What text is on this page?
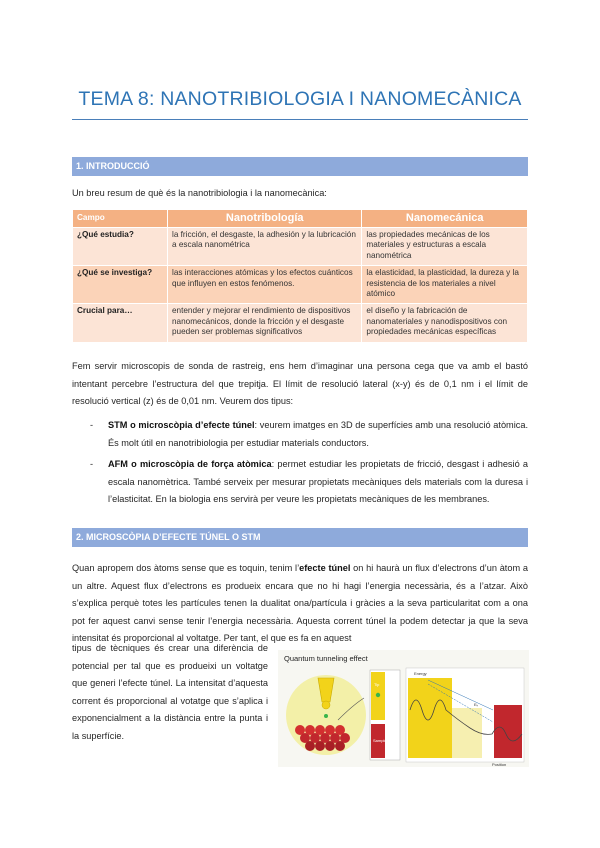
TEMA 8: NANOTRIBIOLOGIA I NANOMECÀNICA
1. INTRODUCCIÓ
Un breu resum de què és la nanotribiologia i la nanomecànica:
Campo	Nanotribología	Nanomecánica
¿Qué estudia?	la fricción, el desgaste, la adhesión y la lubricación a escala nanométrica	las propiedades mecánicas de los materiales y estructuras a escala nanométrica
¿Qué se investiga?	las interacciones atómicas y los efectos cuánticos que influyen en estos fenómenos.	la elasticidad, la plasticidad, la dureza y la resistencia de los materiales a nivel atómico
Crucial para…	entender y mejorar el rendimiento de dispositivos nanomecánicos, donde la fricción y el desgaste pueden ser problemas significativos	el diseño y la fabricación de nanomateriales y nanodispositivos con propiedades mecánicas específicas
Fem servir microscopis de sonda de rastreig, ens hem d’imaginar una persona cega que va amb el bastó intentant percebre l’estructura del que trepitja. El límit de resolució lateral (x-y) és de 0,1 nm i el límit de resolució vertical (z) és de 0,01 nm. Veurem dos tipus:
- STM o microscòpia d’efecte túnel: veurem imatges en 3D de superfícies amb una resolució atòmica. És molt útil en nanotribiologia per estudiar materials conductors.
- AFM o microscòpia de força atòmica: permet estudiar les propietats de fricció, desgast i adhesió a escala nanomètrica. També serveix per mesurar propietats mecàniques dels materials com la duresa i l’elasticitat. En la biologia ens servirà per veure les propietats mecàniques de les membranes.
2. MICROSCÒPIA D’EFECTE TÚNEL O STM
Quan apropem dos àtoms sense que es toquin, tenim l’efecte túnel on hi haurà un flux d’electrons d’un àtom a un altre. Aquest flux d’electrons es produeix encara que no hi hagi l’energia necessària, és a l’atzar. Això s’explica perquè totes les partícules tenen la dualitat ona/partícula i gràcies a la seva particularitat com a ona pot fer aquest canvi sense tenir l’energia necessària. Aquesta corrent túnel la podem detectar ja que la seva intensitat és proporcional al voltatge. Per tant, el que es fa en aquest
tipus de tècniques és crear una diferència de potencial per tal que es produeixi un voltatge que generi l’efecte túnel. La intensitat d’aquesta corrent és proporcional al votatge que s’aplica i exponencialment a la distància entre la punta i la superfície.
Quantum tunneling effect
Tip
Sample
Energy
Position
Eₖ
